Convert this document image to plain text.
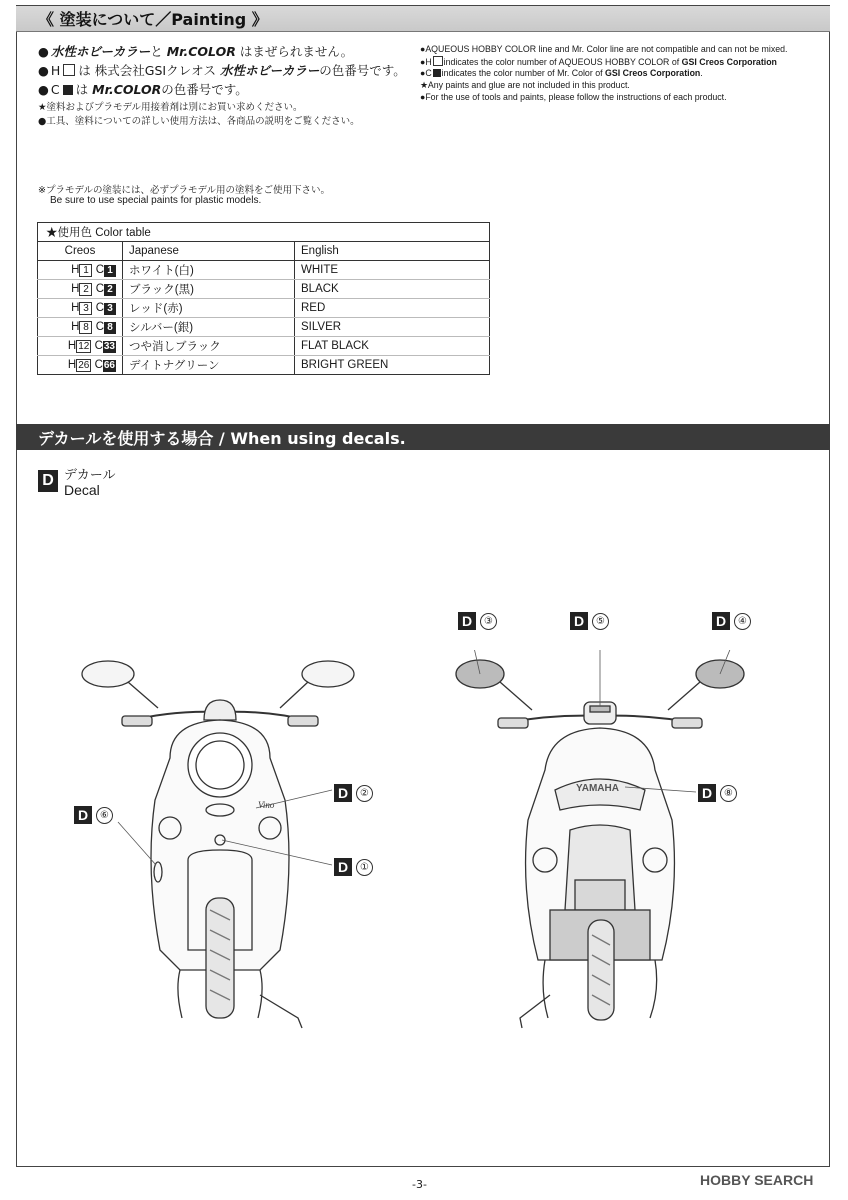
《 塗装について／Painting 》
● 水性ホビーカラーと Mr.COLOR はまぜられません。
● H は 株式会社GSIクレオス 水性ホビーカラーの色番号です。
● C は Mr.COLORの色番号です。
★塗料およびプラモデル用接着剤は別にお買い求めください。
●工具、塗料についての詳しい使用方法は、各商品の説明をご覧ください。
●AQUEOUS HOBBY COLOR line and Mr. Color line are not compatible and can not be mixed.
●H indicates the color number of AQUEOUS HOBBY COLOR of GSI Creos Corporation
●C indicates the color number of Mr. Color of GSI Creos Corporation.
★Any paints and glue are not included in this product.
●For the use of tools and paints, please follow the instructions of each product.
※プラモデルの塗装には、必ずプラモデル用の塗料をご使用下さい。
Be sure to use special paints for plastic models.
★使用色 Color table		
Creos	Japanese	English
H 1 C 1	ホワイト(白)	WHITE
H 2 C 2	ブラック(黒)	BLACK
H 3 C 3	レッド(赤)	RED
H 8 C 8	シルバー(銀)	SILVER
H 12 C33	つや消しブラック	FLAT BLACK
H 26 C66	デイトナグリーン	BRIGHT GREEN
デカールを使用する場合 / When using decals.
D デカール
Decal
D	②
D	①
D	⑥
D	③	D	⑤	D	④
D	⑧
Vino
YAMAHA
-3-	HOBBY SEARCH
